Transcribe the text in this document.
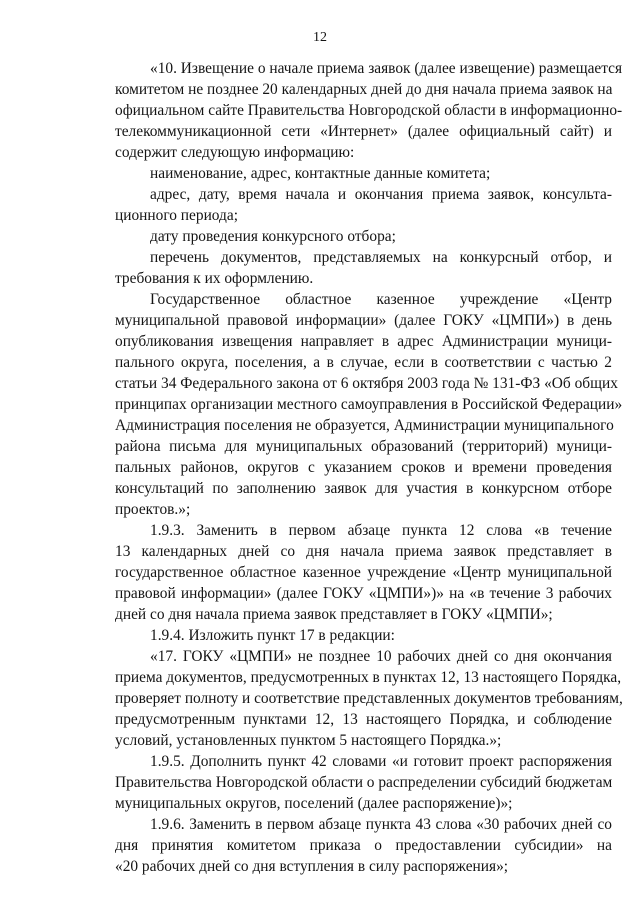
12
«10. Извещение о начале приема заявок (далее извещение) размещается
комитетом не позднее 20 календарных дней до дня начала приема заявок на
официальном сайте Правительства Новгородской области в информационно-
телекоммуникационной сети «Интернет» (далее официальный сайт) и
содержит следующую информацию:
наименование, адрес, контактные данные комитета;
адрес, дату, время начала и окончания приема заявок, консульта-
ционного периода;
дату проведения конкурсного отбора;
перечень документов, представляемых на конкурсный отбор, и
требования к их оформлению.
Государственное областное казенное учреждение «Центр
муниципальной правовой информации» (далее ГОКУ «ЦМПИ») в день
опубликования извещения направляет в адрес Администрации муници-
пального округа, поселения, а в случае, если в соответствии с частью 2
статьи 34 Федерального закона от 6 октября 2003 года № 131-ФЗ «Об общих
принципах организации местного самоуправления в Российской Федерации»
Администрация поселения не образуется, Администрации муниципального
района письма для муниципальных образований (территорий) муници-
пальных районов, округов с указанием сроков и времени проведения
консультаций по заполнению заявок для участия в конкурсном отборе
проектов.»;
1.9.3. Заменить в первом абзаце пункта 12 слова «в течение
13 календарных дней со дня начала приема заявок представляет в
государственное областное казенное учреждение «Центр муниципальной
правовой информации» (далее ГОКУ «ЦМПИ»)» на «в течение 3 рабочих
дней со дня начала приема заявок представляет в ГОКУ «ЦМПИ»;
1.9.4. Изложить пункт 17 в редакции:
«17. ГОКУ «ЦМПИ» не позднее 10 рабочих дней со дня окончания
приема документов, предусмотренных в пунктах 12, 13 настоящего Порядка,
проверяет полноту и соответствие представленных документов требованиям,
предусмотренным пунктами 12, 13 настоящего Порядка, и соблюдение
условий, установленных пунктом 5 настоящего Порядка.»;
1.9.5. Дополнить пункт 42 словами «и готовит проект распоряжения
Правительства Новгородской области о распределении субсидий бюджетам
муниципальных округов, поселений (далее распоряжение)»;
1.9.6. Заменить в первом абзаце пункта 43 слова «30 рабочих дней со
дня принятия комитетом приказа о предоставлении субсидии» на
«20 рабочих дней со дня вступления в силу распоряжения»;
